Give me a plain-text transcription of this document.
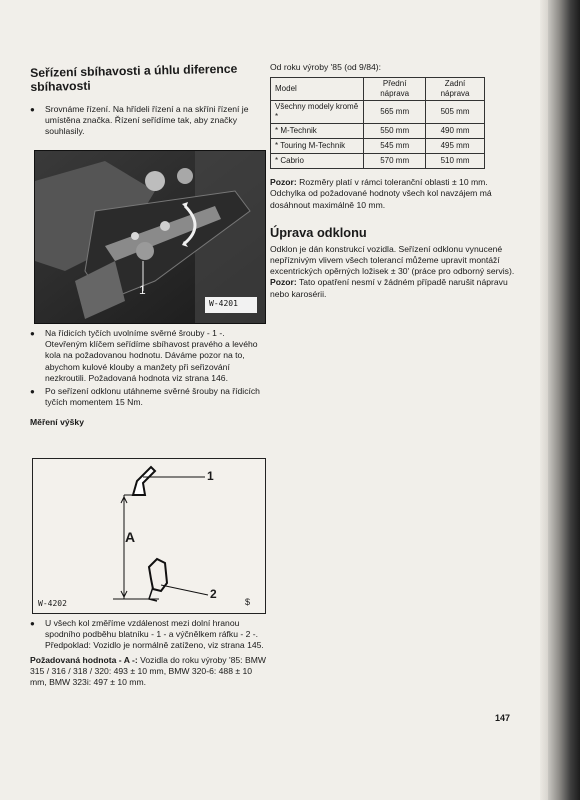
Seřízení sbíhavosti a úhlu diference sbíhavosti

● Srovnáme řízení. Na hřídeli řízení a na skříni řízení je umístěna značka. Řízení seřídíme tak, aby značky souhlasily.

1
W-4201

● Na řídicích tyčích uvolníme svěrné šrouby - 1 -. Otevřeným klíčem seřídíme sbíhavost pravého a levého kola na požadovanou hodnotu. Dáváme pozor na to, abychom kulové klouby a manžety při seřizování nezkroutili. Požadovaná hodnota viz strana 146.

● Po seřízení odklonu utáhneme svěrné šrouby na řídicích tyčích momentem 15 Nm.

Měření výšky

1
2
A
W-4202	$

● U všech kol změříme vzdálenost mezi dolní hranou spodního podběhu blatníku - 1 - a výčnělkem ráfku - 2 -. Předpoklad: Vozidlo je normálně zatíženo, viz strana 145.

Požadovaná hodnota - A -: Vozidla do roku výroby '85: BMW 315 / 316 / 318 / 320: 493 ± 10 mm, BMW 320-6: 488 ± 10 mm, BMW 323i: 497 ± 10 mm.

Od roku výroby '85 (od 9/84):

Model	Přední náprava	Zadní náprava
Všechny modely kromě *	565 mm	505 mm
* M-Technik	550 mm	490 mm
* Touring M-Technik	545 mm	495 mm
* Cabrio	570 mm	510 mm

Pozor: Rozměry platí v rámci toleranční oblasti ± 10 mm. Odchylka od požadované hodnoty všech kol navzájem má dosáhnout maximálně 10 mm.

Úprava odklonu

Odklon je dán konstrukcí vozidla. Seřízení odklonu vynucené nepříznivým vlivem všech tolerancí můžeme upravit montáží excentrických opěrných ložisek ± 30' (práce pro odborný servis). Pozor: Tato opatření nesmí v žádném případě narušit nápravu nebo karosérii.

147
